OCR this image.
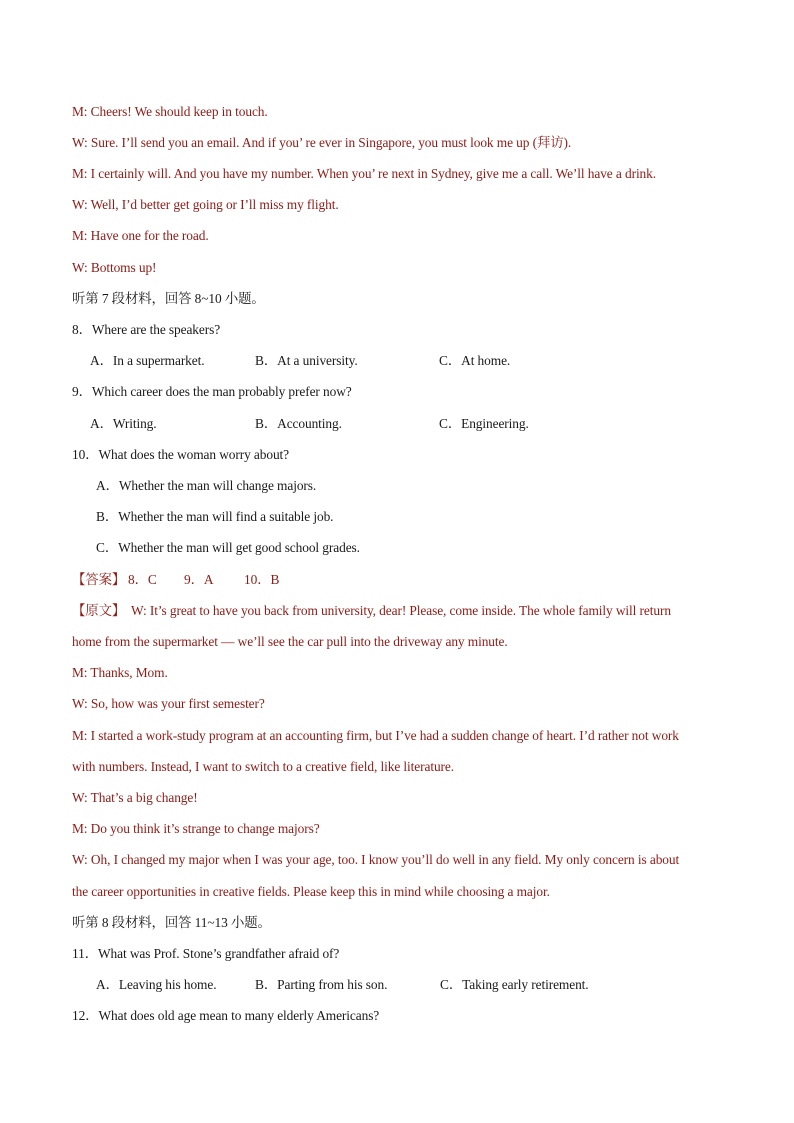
M: Cheers! We should keep in touch.
W: Sure. I’ll send you an email. And if you’ re ever in Singapore, you must look me up (拜访).
M: I certainly will. And you have my number. When you’ re next in Sydney, give me a call. We’ll have a drink.
W: Well, I’d better get going or I’ll miss my flight.
M: Have one for the road.
W: Bottoms up!
听第 7 段材料，回答 8~10 小题。
8．Where are the speakers?
A．In a supermarket.	B．At a university.	C．At home.
9．Which career does the man probably prefer now?
A．Writing.	B．Accounting.	C．Engineering.
10．What does the woman worry about?
A．Whether the man will change majors.
B．Whether the man will find a suitable job.
C．Whether the man will get good school grades.
【答案】 8．C 9．A 10．B
【原文】 W: It’s great to have you back from university, dear! Please, come inside. The whole family will return
home from the supermarket — we’ll see the car pull into the driveway any minute.
M: Thanks, Mom.
W: So, how was your first semester?
M: I started a work-study program at an accounting firm, but I’ve had a sudden change of heart. I’d rather not work
with numbers. Instead, I want to switch to a creative field, like literature.
W: That’s a big change!
M: Do you think it’s strange to change majors?
W: Oh, I changed my major when I was your age, too. I know you’ll do well in any field. My only concern is about
the career opportunities in creative fields. Please keep this in mind while choosing a major.
听第 8 段材料，回答 11~13 小题。
11．What was Prof. Stone’s grandfather afraid of?
A．Leaving his home.	B．Parting from his son.	C．Taking early retirement.
12．What does old age mean to many elderly Americans?
